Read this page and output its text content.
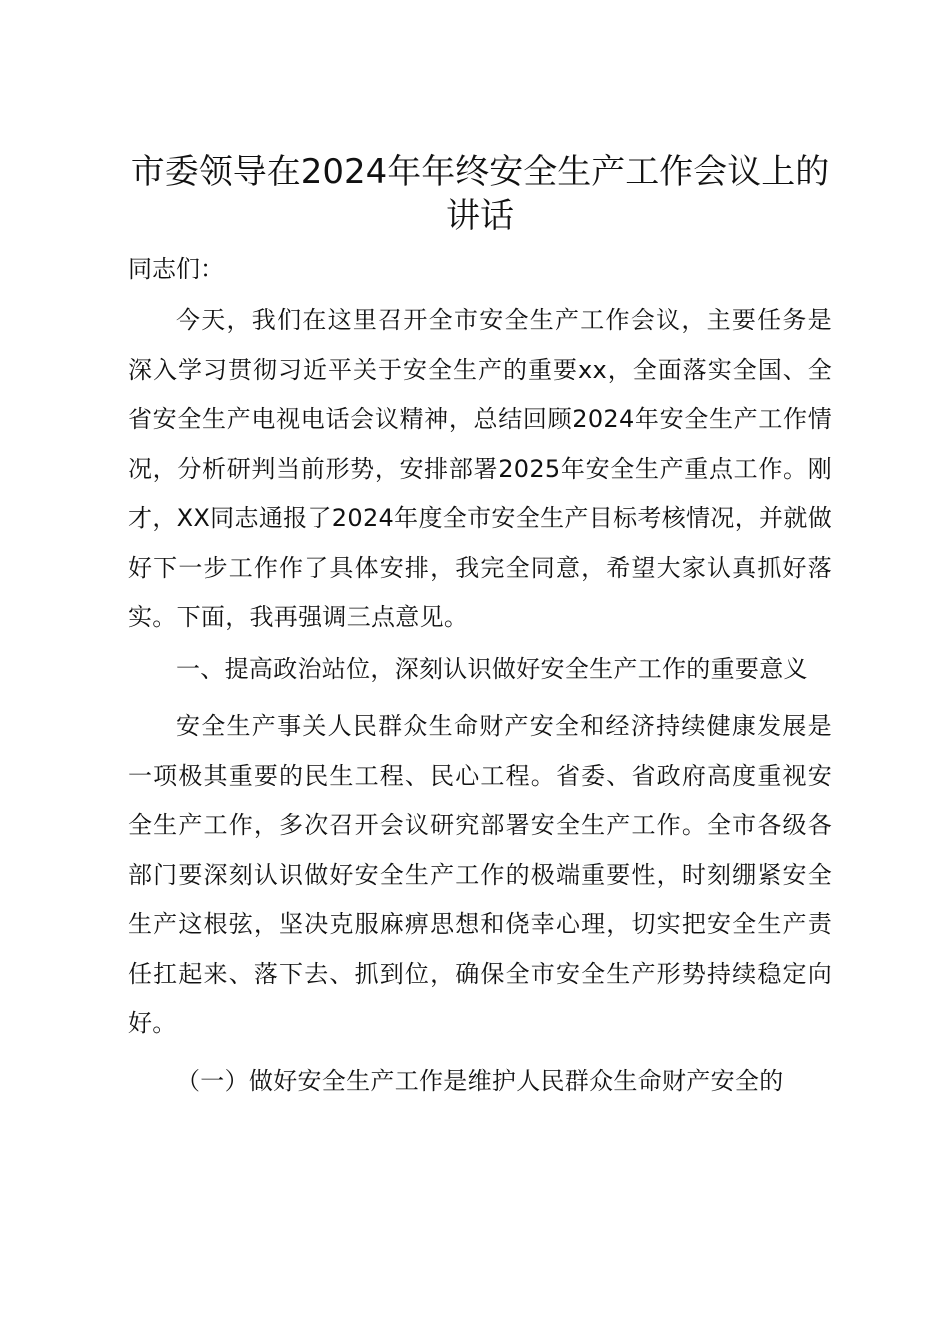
市委领导在2024年年终安全生产工作会议上的讲话

同志们：

今天，我们在这里召开全市安全生产工作会议，主要任务是深入学习贯彻习近平关于安全生产的重要xx，全面落实全国、全省安全生产电视电话会议精神，总结回顾2024年安全生产工作情况，分析研判当前形势，安排部署2025年安全生产重点工作。刚才，XX同志通报了2024年度全市安全生产目标考核情况，并就做好下一步工作作了具体安排，我完全同意，希望大家认真抓好落实。下面，我再强调三点意见。

一、提高政治站位，深刻认识做好安全生产工作的重要意义

安全生产事关人民群众生命财产安全和经济持续健康发展是一项极其重要的民生工程、民心工程。省委、省政府高度重视安全生产工作，多次召开会议研究部署安全生产工作。全市各级各部门要深刻认识做好安全生产工作的极端重要性，时刻绷紧安全生产这根弦，坚决克服麻痹思想和侥幸心理，切实把安全生产责任扛起来、落下去、抓到位，确保全市安全生产形势持续稳定向好。

（一）做好安全生产工作是维护人民群众生命财产安全的
